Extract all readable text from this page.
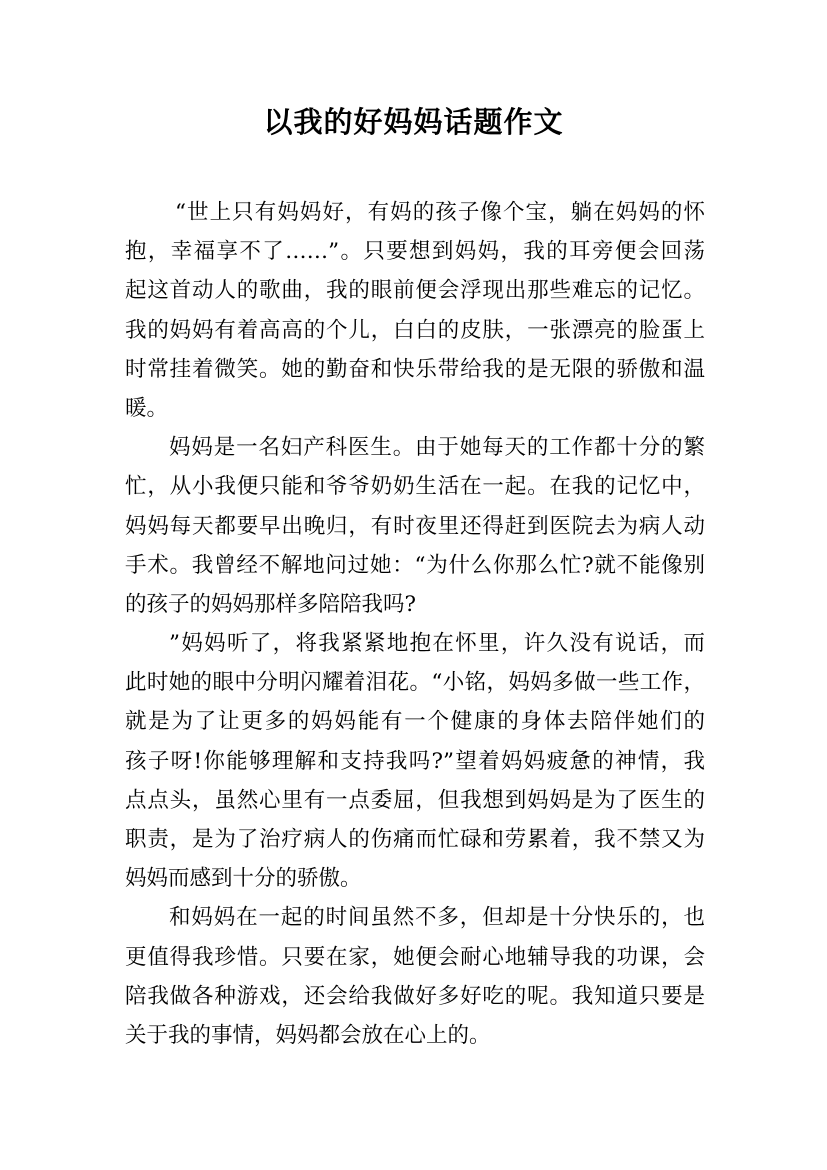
以我的好妈妈话题作文
“世上只有妈妈好，有妈的孩子像个宝，躺在妈妈的怀
抱，幸福享不了……”。只要想到妈妈，我的耳旁便会回荡
起这首动人的歌曲，我的眼前便会浮现出那些难忘的记忆。
我的妈妈有着高高的个儿，白白的皮肤，一张漂亮的脸蛋上
时常挂着微笑。她的勤奋和快乐带给我的是无限的骄傲和温
暖。
妈妈是一名妇产科医生。由于她每天的工作都十分的繁
忙，从小我便只能和爷爷奶奶生活在一起。在我的记忆中，
妈妈每天都要早出晚归，有时夜里还得赶到医院去为病人动
手术。我曾经不解地问过她：“为什么你那么忙?就不能像别
的孩子的妈妈那样多陪陪我吗?
”妈妈听了，将我紧紧地抱在怀里，许久没有说话，而
此时她的眼中分明闪耀着泪花。“小铭，妈妈多做一些工作，
就是为了让更多的妈妈能有一个健康的身体去陪伴她们的
孩子呀!你能够理解和支持我吗?”望着妈妈疲惫的神情，我
点点头，虽然心里有一点委屈，但我想到妈妈是为了医生的
职责，是为了治疗病人的伤痛而忙碌和劳累着，我不禁又为
妈妈而感到十分的骄傲。
和妈妈在一起的时间虽然不多，但却是十分快乐的，也
更值得我珍惜。只要在家，她便会耐心地辅导我的功课，会
陪我做各种游戏，还会给我做好多好吃的呢。我知道只要是
关于我的事情，妈妈都会放在心上的。
